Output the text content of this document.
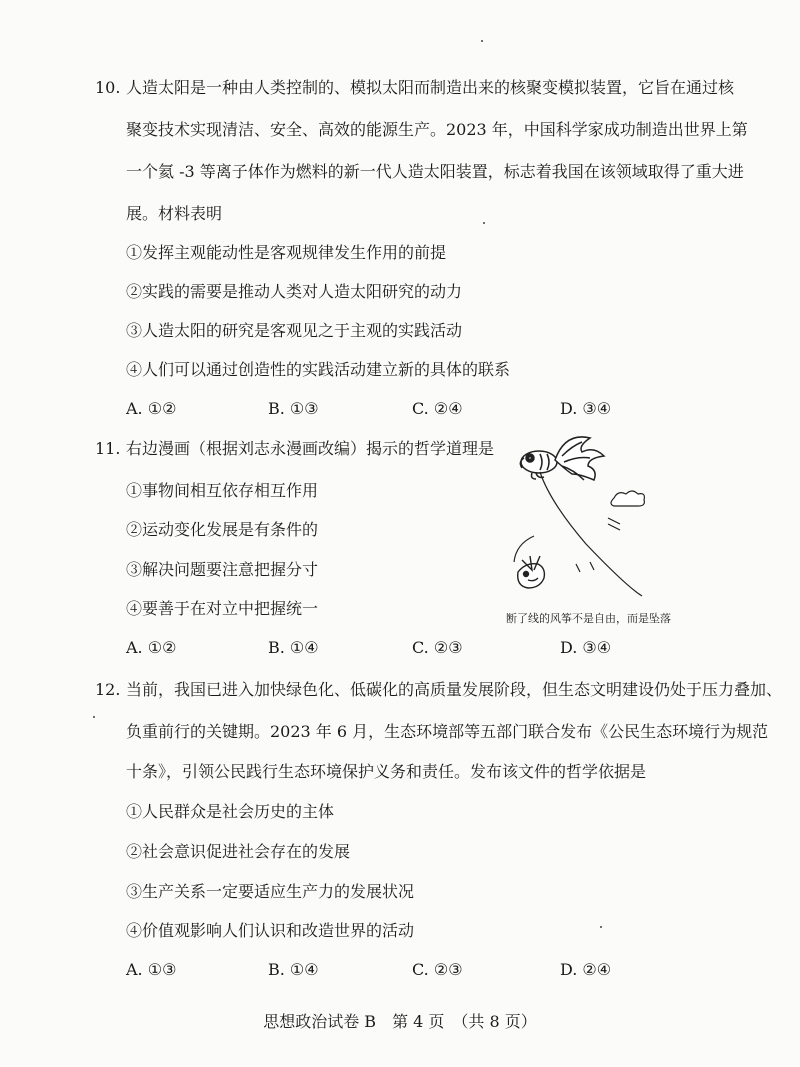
10. 人造太阳是一种由人类控制的、模拟太阳而制造出来的核聚变模拟装置，它旨在通过核
聚变技术实现清洁、安全、高效的能源生产。2023 年，中国科学家成功制造出世界上第
一个氦 -3 等离子体作为燃料的新一代人造太阳装置，标志着我国在该领域取得了重大进
展。材料表明
①发挥主观能动性是客观规律发生作用的前提
②实践的需要是推动人类对人造太阳研究的动力
③人造太阳的研究是客观见之于主观的实践活动
④人们可以通过创造性的实践活动建立新的具体的联系
A. ①②	B. ①③	C. ②④	D. ③④
11. 右边漫画（根据刘志永漫画改编）揭示的哲学道理是
①事物间相互依存相互作用
②运动变化发展是有条件的
③解决问题要注意把握分寸
④要善于在对立中把握统一
A. ①②	B. ①④	C. ②③	D. ③④
断了线的风筝不是自由，而是坠落
12. 当前，我国已进入加快绿色化、低碳化的高质量发展阶段，但生态文明建设仍处于压力叠加、
负重前行的关键期。2023 年 6 月，生态环境部等五部门联合发布《公民生态环境行为规范
十条》，引领公民践行生态环境保护义务和责任。发布该文件的哲学依据是
①人民群众是社会历史的主体
②社会意识促进社会存在的发展
③生产关系一定要适应生产力的发展状况
④价值观影响人们认识和改造世界的活动
A. ①③	B. ①④	C. ②③	D. ②④
思想政治试卷 B　第 4 页　（共 8 页）
